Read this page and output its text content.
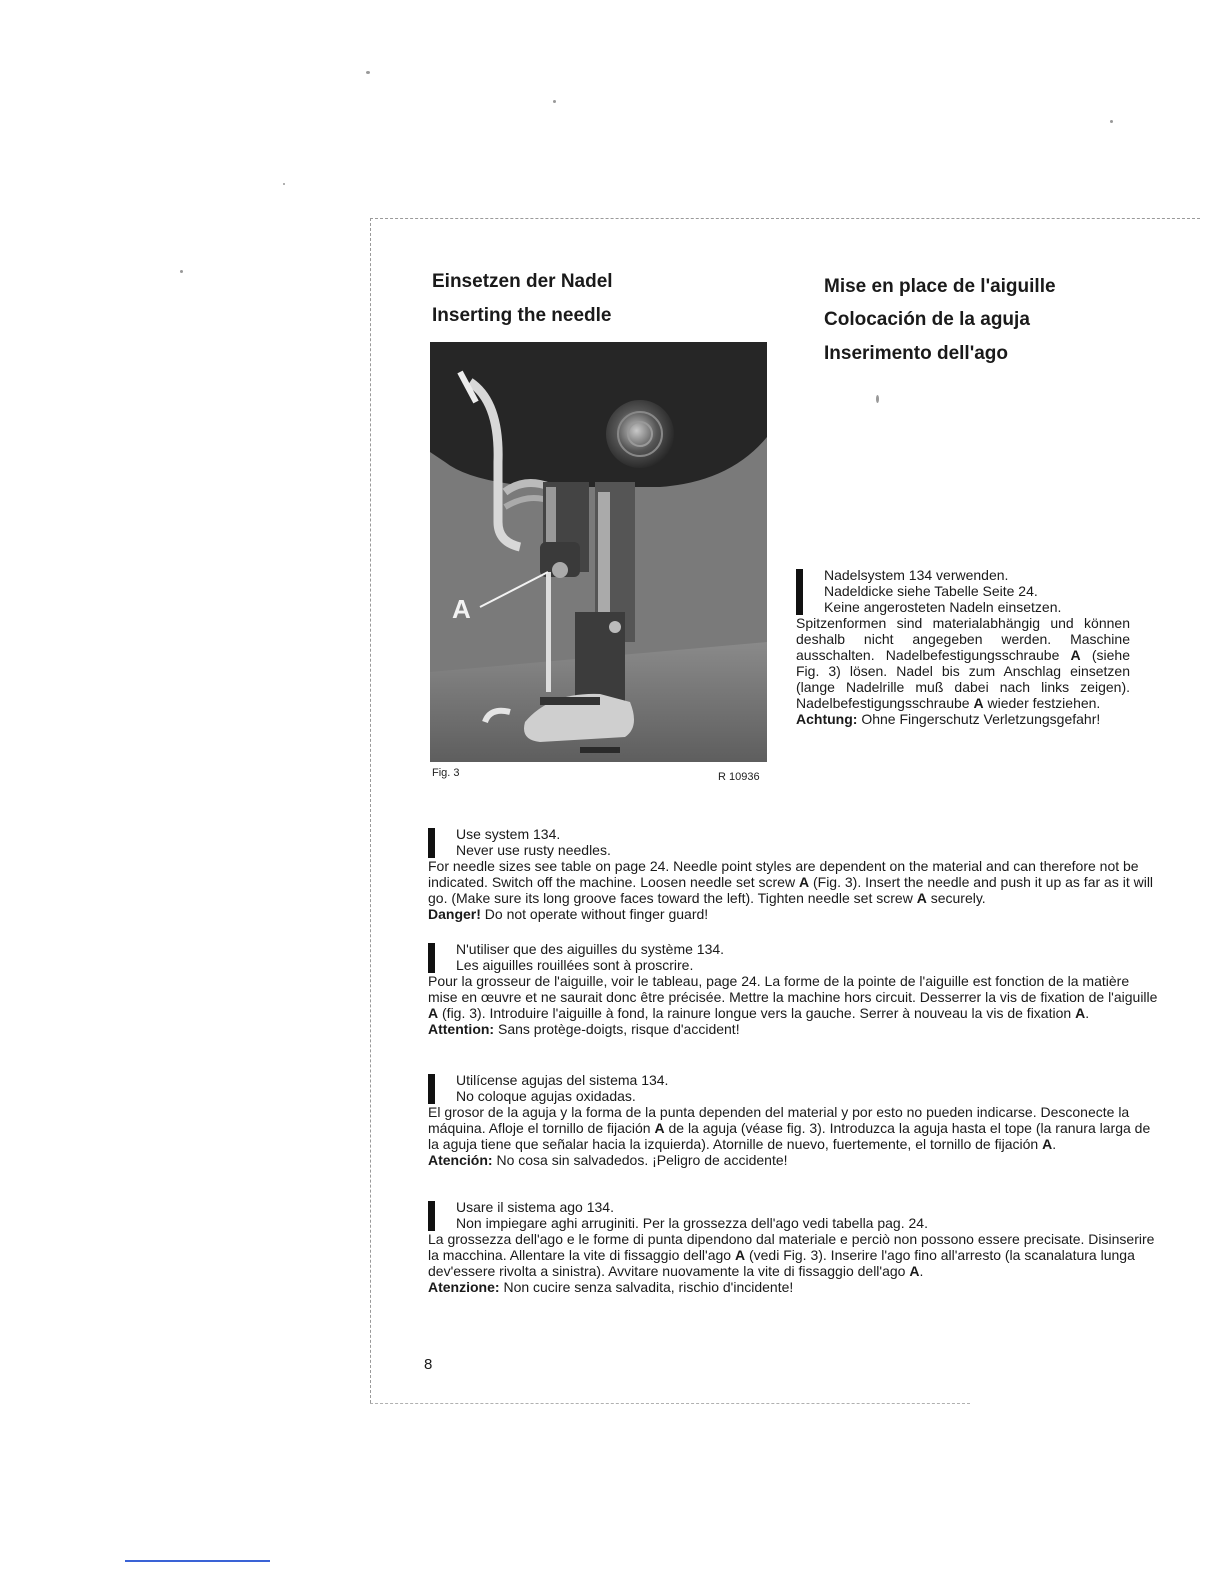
Einsetzen der Nadel
Inserting the needle
Mise en place de l'aiguille
Colocación de la aguja
Inserimento dell'ago
A
Fig. 3	R 10936
Nadelsystem 134 verwenden.
Nadeldicke siehe Tabelle Seite 24.
Keine angerosteten Nadeln einsetzen.
Spitzenformen sind materialabhängig und können deshalb nicht angegeben werden. Maschine ausschalten. Nadelbefestigungsschraube A (siehe Fig. 3) lösen. Nadel bis zum Anschlag einsetzen (lange Nadelrille muß dabei nach links zeigen). Nadelbefestigungsschraube A wieder festziehen.
Achtung: Ohne Fingerschutz Verletzungsgefahr!
Use system 134.
Never use rusty needles.
For needle sizes see table on page 24. Needle point styles are dependent on the material and can therefore not be indicated. Switch off the machine. Loosen needle set screw A (Fig. 3). Insert the needle and push it up as far as it will go. (Make sure its long groove faces toward the left). Tighten needle set screw A securely.
Danger! Do not operate without finger guard!
N'utiliser que des aiguilles du système 134.
Les aiguilles rouillées sont à proscrire.
Pour la grosseur de l'aiguille, voir le tableau, page 24. La forme de la pointe de l'aiguille est fonction de la matière mise en œuvre et ne saurait donc être précisée. Mettre la machine hors circuit. Desserrer la vis de fixation de l'aiguille A (fig. 3). Introduire l'aiguille à fond, la rainure longue vers la gauche. Serrer à nouveau la vis de fixation A.
Attention: Sans protège-doigts, risque d'accident!
Utilícense agujas del sistema 134.
No coloque agujas oxidadas.
El grosor de la aguja y la forma de la punta dependen del material y por esto no pueden indicarse. Desconecte la máquina. Afloje el tornillo de fijación A de la aguja (véase fig. 3). Introduzca la aguja hasta el tope (la ranura larga de la aguja tiene que señalar hacia la izquierda). Atornille de nuevo, fuertemente, el tornillo de fijación A.
Atención: No cosa sin salvadedos. ¡Peligro de accidente!
Usare il sistema ago 134.
Non impiegare aghi arruginiti. Per la grossezza dell'ago vedi tabella pag. 24.
La grossezza dell'ago e le forme di punta dipendono dal materiale e perciò non possono essere precisate. Disinserire la macchina. Allentare la vite di fissaggio dell'ago A (vedi Fig. 3). Inserire l'ago fino all'arresto (la scanalatura lunga dev'essere rivolta a sinistra). Avvitare nuovamente la vite di fissaggio dell'ago A.
Atenzione: Non cucire senza salvadita, rischio d'incidente!
8
